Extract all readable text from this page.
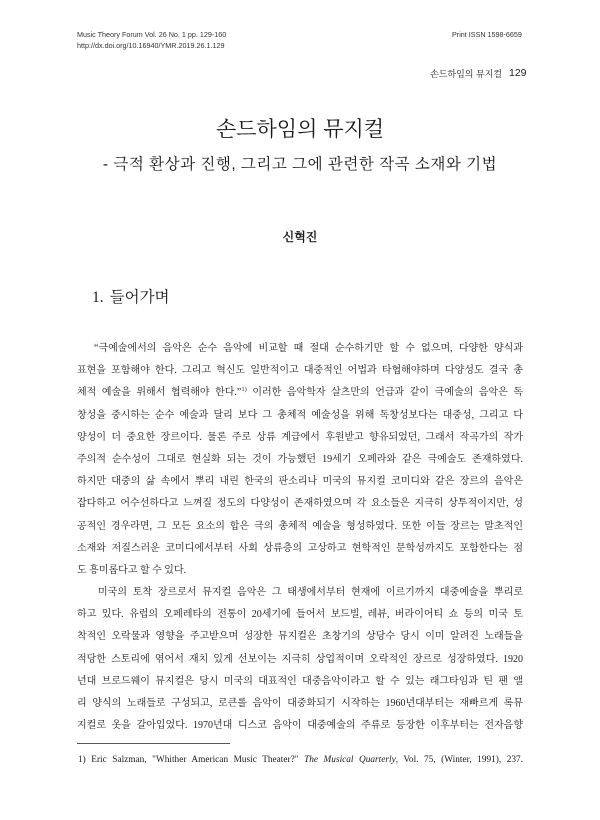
Music Theory Forum Vol. 26 No. 1 pp. 129-160
http://dx.doi.org/10.16940/YMR.2019.26.1.129
Print ISSN 1598-6659
손드하임의 뮤지컬 129
손드하임의 뮤지컬
- 극적 환상과 진행, 그리고 그에 관련한 작곡 소재와 기법
신혁진
1. 들어가며
“극예술에서의 음악은 순수 음악에 비교할 때 절대 순수하기만 할 수 없으며, 다양한 양식과
표현을 포함해야 한다. 그리고 혁신도 일반적이고 대중적인 어법과 타협해야하며 다양성도 결국 총
체적 예술을 위해서 협력해야 한다.”$^{1)}$ 이러한 음악학자 살츠만의 언급과 같이 극예술의 음악은 독
창성을 중시하는 순수 예술과 달리 보다 그 총체적 예술성을 위해 독창성보다는 대중성, 그리고 다
양성이 더 중요한 장르이다. 물론 주로 상류 계급에서 후원받고 향유되었던, 그래서 작곡가의 작가
주의적 순수성이 그대로 현실화 되는 것이 가능했던 19세기 오페라와 같은 극예술도 존재하였다.
하지만 대중의 삶 속에서 뿌리 내린 한국의 판소리나 미국의 뮤지컬 코미디와 같은 장르의 음악은
잡다하고 어수선하다고 느껴질 정도의 다양성이 존재하였으며 각 요소들은 지극히 상투적이지만, 성
공적인 경우라면, 그 모든 요소의 합은 극의 총체적 예술을 형성하였다. 또한 이들 장르는 말초적인
소재와 저질스러운 코미디에서부터 사회 상류층의 고상하고 현학적인 문학성까지도 포함한다는 점
도 흥미롭다고 할 수 있다.
미국의 토착 장르로서 뮤지컬 음악은 그 태생에서부터 현재에 이르기까지 대중예술을 뿌리로
하고 있다. 유럽의 오페레타의 전통이 20세기에 들어서 보드빌, 레뷰, 버라이어티 쇼 등의 미국 토
착적인 오락물과 영향을 주고받으며 성장한 뮤지컬은 초창기의 상당수 당시 이미 알려진 노래들을
적당한 스토리에 엮어서 재치 있게 선보이는 지극히 상업적이며 오락적인 장르로 성장하였다. 1920
년대 브로드웨이 뮤지컬은 당시 미국의 대표적인 대중음악이라고 할 수 있는 래그타임과 틴 팬 앨
리 양식의 노래들로 구성되고, 로큰롤 음악이 대중화되기 시작하는 1960년대부터는 재빠르게 록뮤
지컬로 옷을 갈아입었다. 1970년대 디스코 음악이 대중예술의 주류로 등장한 이후부터는 전자음향
1) Eric Salzman, "Whither American Music Theater?" The Musical Quarterly, Vol. 75, (Winter, 1991), 237.
